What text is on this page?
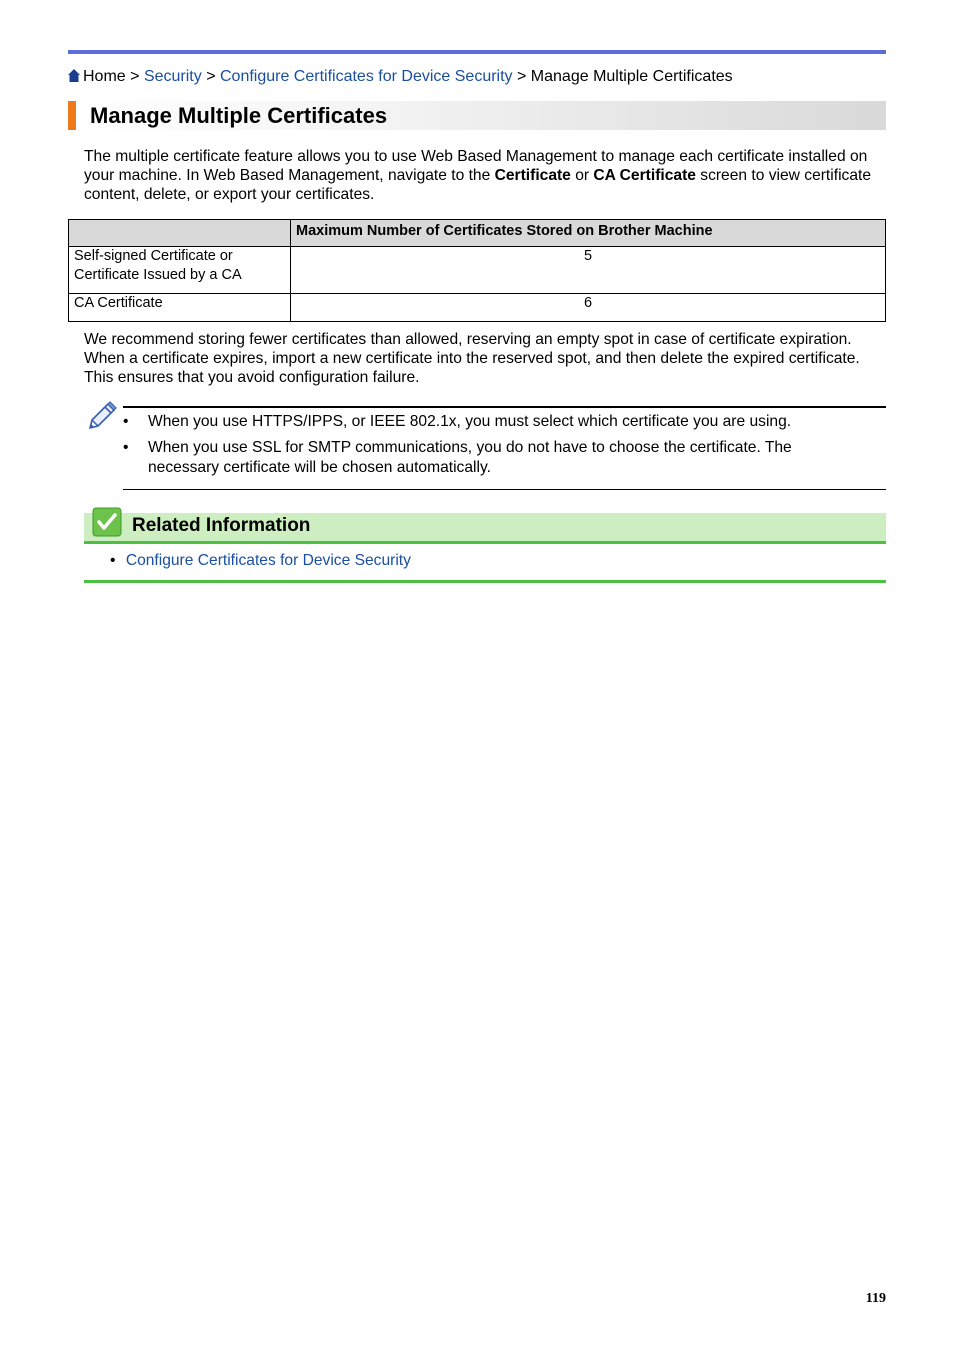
Home > Security > Configure Certificates for Device Security > Manage Multiple Certificates
Manage Multiple Certificates
The multiple certificate feature allows you to use Web Based Management to manage each certificate installed on your machine. In Web Based Management, navigate to the Certificate or CA Certificate screen to view certificate content, delete, or export your certificates.
	Maximum Number of Certificates Stored on Brother Machine
Self-signed Certificate or
Certificate Issued by a CA	5
CA Certificate	6
We recommend storing fewer certificates than allowed, reserving an empty spot in case of certificate expiration. When a certificate expires, import a new certificate into the reserved spot, and then delete the expired certificate. This ensures that you avoid configuration failure.
• When you use HTTPS/IPPS, or IEEE 802.1x, you must select which certificate you are using.
• When you use SSL for SMTP communications, you do not have to choose the certificate. The necessary certificate will be chosen automatically.
Related Information
• Configure Certificates for Device Security
119
